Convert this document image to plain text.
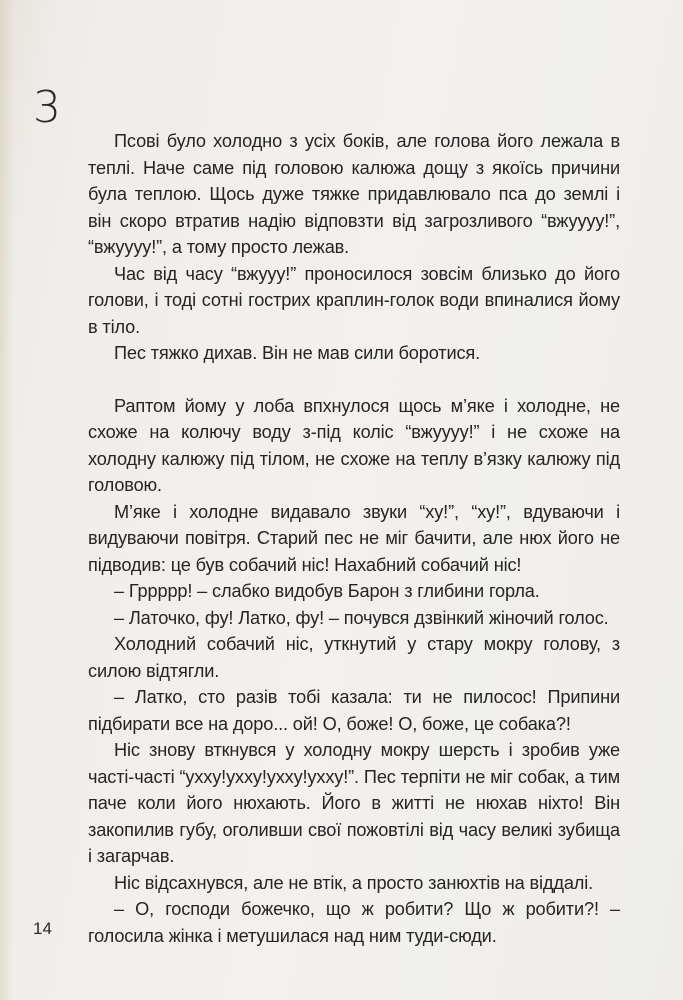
3

Псові було холодно з усіх боків, але голова його лежала в теплі. Наче саме під головою калюжа дощу з якоїсь причини була теплою. Щось дуже тяжке придавлювало пса до землі і він скоро втратив надію відповзти від загрозливого “вжуууу!”, “вжуууу!”, а тому просто лежав.

Час від часу “вжууу!” проносилося зовсім близько до його голови, і тоді сотні гострих краплин-голок води впиналися йому в тіло.

Пес тяжко дихав. Він не мав сили боротися.

Раптом йому у лоба впхнулося щось м’яке і холодне, не схоже на колючу воду з-під коліс “вжуууу!” і не схоже на холодну калюжу під тілом, не схоже на теплу в’язку калюжу під головою.

М’яке і холодне видавало звуки “ху!”, “ху!”, вдуваючи і видуваючи повітря. Старий пес не міг бачити, але нюх його не підводив: це був собачий ніс! Нахабний собачий ніс!

– Гррррр! – слабко видобув Барон з глибини горла.

– Латочко, фу! Латко, фу! – почувся дзвінкий жіночий голос.

Холодний собачий ніс, уткнутий у стару мокру голову, з силою відтягли.

– Латко, сто разів тобі казала: ти не пилосос! Припини підбирати все на доро... ой! О, боже! О, боже, це собака?!

Ніс знову вткнувся у холодну мокру шерсть і зробив уже часті-часті “ухху!ухху!ухху!ухху!”. Пес терпіти не міг собак, а тим паче коли його нюхають. Його в житті не нюхав ніхто! Він закопилив губу, оголивши свої пожовтілі від часу великі зубища і загарчав.

Ніс відсахнувся, але не втік, а просто занюхтів на віддалі.

– О, господи божечко, що ж робити? Що ж робити?! – голосила жінка і метушилася над ним туди-сюди.

14
